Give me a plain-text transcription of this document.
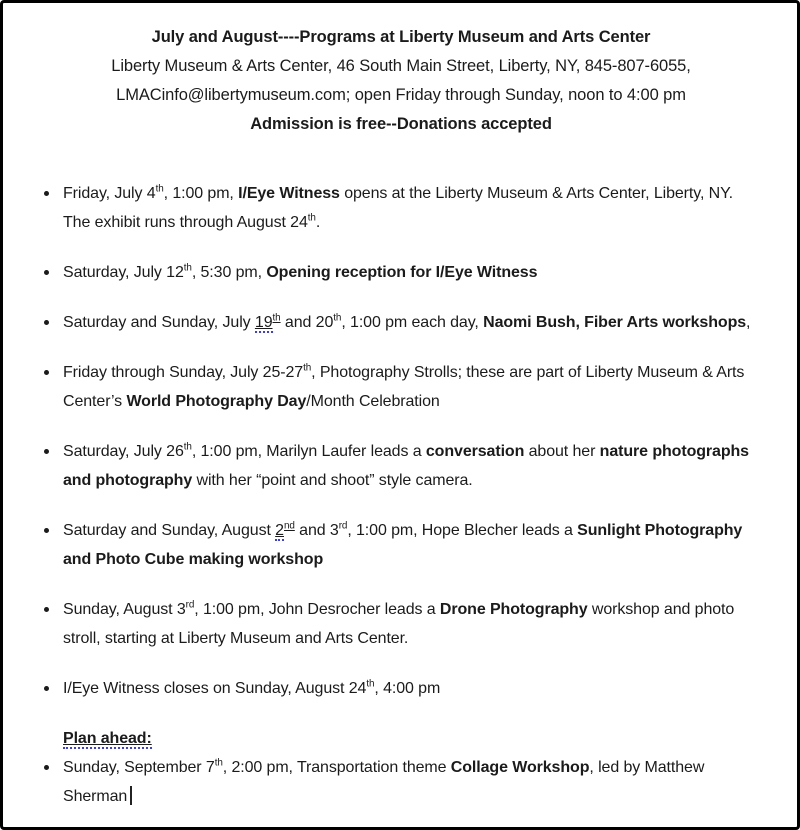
July and August----Programs at Liberty Museum and Arts Center
Liberty Museum & Arts Center, 46 South Main Street, Liberty, NY, 845-807-6055,
LMACinfo@libertymuseum.com; open Friday through Sunday, noon to 4:00 pm
Admission is free--Donations accepted
Friday, July 4th, 1:00 pm, I/Eye Witness opens at the Liberty Museum & Arts Center, Liberty, NY. The exhibit runs through August 24th.
Saturday, July 12th, 5:30 pm, Opening reception for I/Eye Witness
Saturday and Sunday, July 19th and 20th, 1:00 pm each day, Naomi Bush, Fiber Arts workshops,
Friday through Sunday, July 25-27th, Photography Strolls; these are part of Liberty Museum & Arts Center’s World Photography Day/Month Celebration
Saturday, July 26th, 1:00 pm, Marilyn Laufer leads a conversation about her nature photographs and photography with her “point and shoot” style camera.
Saturday and Sunday, August 2nd and 3rd, 1:00 pm, Hope Blecher leads a Sunlight Photography and Photo Cube making workshop
Sunday, August 3rd, 1:00 pm, John Desrocher leads a Drone Photography workshop and photo stroll, starting at Liberty Museum and Arts Center.
I/Eye Witness closes on Sunday, August 24th, 4:00 pm
Plan ahead:
Sunday, September 7th, 2:00 pm, Transportation theme Collage Workshop, led by Matthew Sherman
